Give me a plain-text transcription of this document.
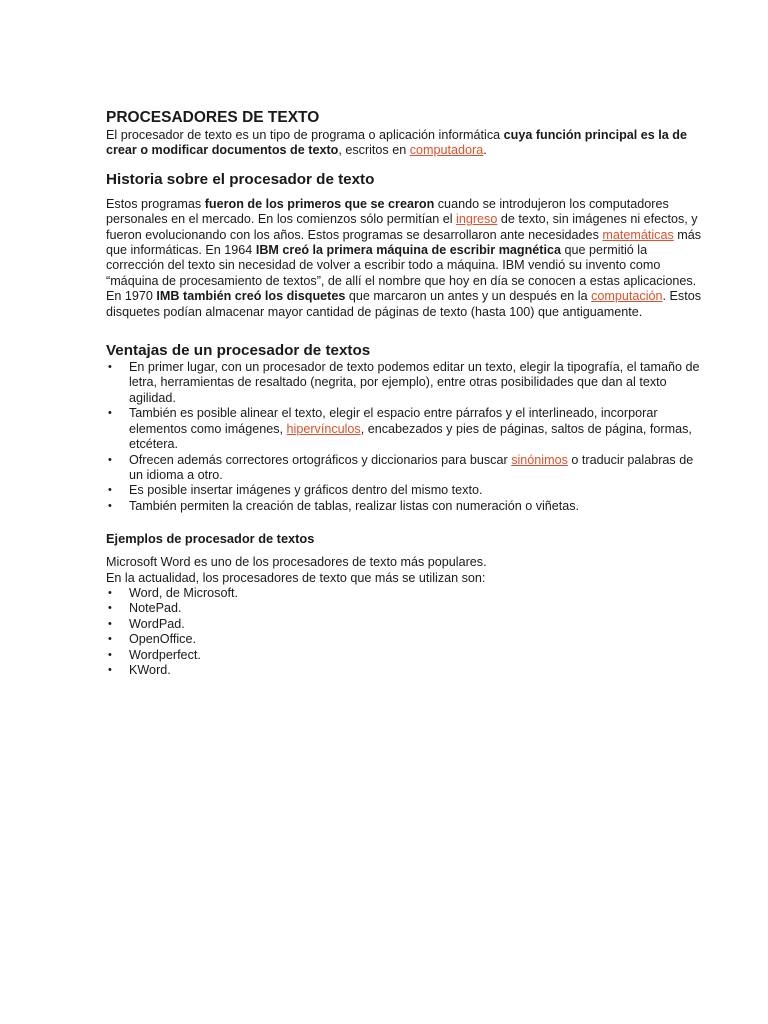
PROCESADORES DE TEXTO

El procesador de texto es un tipo de programa o aplicación informática cuya función principal es la de crear o modificar documentos de texto, escritos en computadora.

Historia sobre el procesador de texto

Estos programas fueron de los primeros que se crearon cuando se introdujeron los computadores personales en el mercado. En los comienzos sólo permitían el ingreso de texto, sin imágenes ni efectos, y fueron evolucionando con los años. Estos programas se desarrollaron ante necesidades matemáticas más que informáticas. En 1964 IBM creó la primera máquina de escribir magnética que permitió la corrección del texto sin necesidad de volver a escribir todo a máquina. IBM vendió su invento como “máquina de procesamiento de textos”, de allí el nombre que hoy en día se conocen a estas aplicaciones. En 1970 IMB también creó los disquetes que marcaron un antes y un después en la computación. Estos disquetes podían almacenar mayor cantidad de páginas de texto (hasta 100) que antiguamente.

Ventajas de un procesador de textos
• En primer lugar, con un procesador de texto podemos editar un texto, elegir la tipografía, el tamaño de letra, herramientas de resaltado (negrita, por ejemplo), entre otras posibilidades que dan al texto agilidad.
• También es posible alinear el texto, elegir el espacio entre párrafos y el interlineado, incorporar elementos como imágenes, hipervínculos, encabezados y pies de páginas, saltos de página, formas, etcétera.
• Ofrecen además correctores ortográficos y diccionarios para buscar sinónimos o traducir palabras de un idioma a otro.
• Es posible insertar imágenes y gráficos dentro del mismo texto.
• También permiten la creación de tablas, realizar listas con numeración o viñetas.
Ejemplos de procesador de textos

Microsoft Word es uno de los procesadores de texto más populares.
En la actualidad, los procesadores de texto que más se utilizan son:

• Word, de Microsoft.
• NotePad.
• WordPad.
• OpenOffice.
• Wordperfect.
• KWord.
